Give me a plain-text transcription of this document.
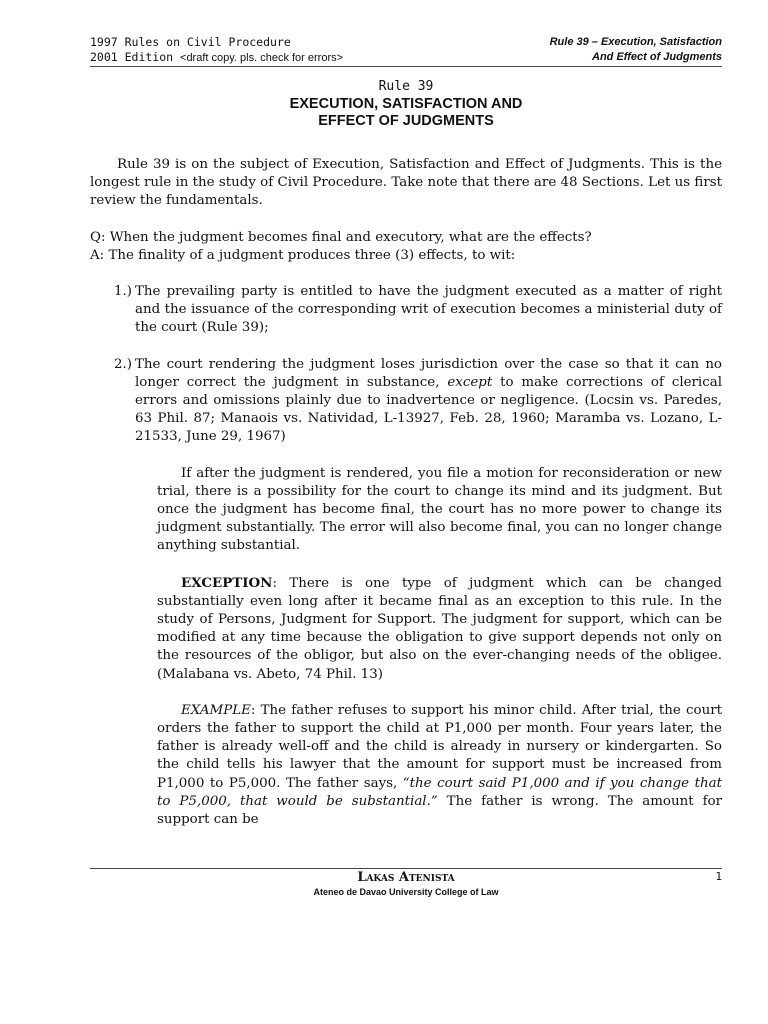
1997 Rules on Civil Procedure
2001 Edition <draft copy. pls. check for errors>
Rule 39 – Execution, Satisfaction
And Effect of Judgments
Rule 39
EXECUTION, SATISFACTION AND
EFFECT OF JUDGMENTS

Rule 39 is on the subject of Execution, Satisfaction and Effect of Judgments. This is the longest rule in the study of Civil Procedure. Take note that there are 48 Sections. Let us first review the fundamentals.

Q: When the judgment becomes final and executory, what are the effects?

A: The finality of a judgment produces three (3) effects, to wit:

1.) The prevailing party is entitled to have the judgment executed as a matter of right and the issuance of the corresponding writ of execution becomes a ministerial duty of the court (Rule 39);
2.) The court rendering the judgment loses jurisdiction over the case so that it can no longer correct the judgment in substance, except to make corrections of clerical errors and omissions plainly due to inadvertence or negligence. (Locsin vs. Paredes, 63 Phil. 87; Manaois vs. Natividad, L-13927, Feb. 28, 1960; Maramba vs. Lozano, L-21533, June 29, 1967)

If after the judgment is rendered, you file a motion for reconsideration or new trial, there is a possibility for the court to change its mind and its judgment. But once the judgment has become final, the court has no more power to change its judgment substantially. The error will also become final, you can no longer change anything substantial.

EXCEPTION: There is one type of judgment which can be changed substantially even long after it became final as an exception to this rule. In the study of Persons, Judgment for Support. The judgment for support, which can be modified at any time because the obligation to give support depends not only on the resources of the obligor, but also on the ever-changing needs of the obligee. (Malabana vs. Abeto, 74 Phil. 13)

EXAMPLE: The father refuses to support his minor child. After trial, the court orders the father to support the child at P1,000 per month. Four years later, the father is already well-off and the child is already in nursery or kindergarten. So the child tells his lawyer that the amount for support must be increased from P1,000 to P5,000. The father says, “the court said P1,000 and if you change that to P5,000, that would be substantial.” The father is wrong. The amount for support can be

Lakas Atenista
Ateneo de Davao University College of Law
1
